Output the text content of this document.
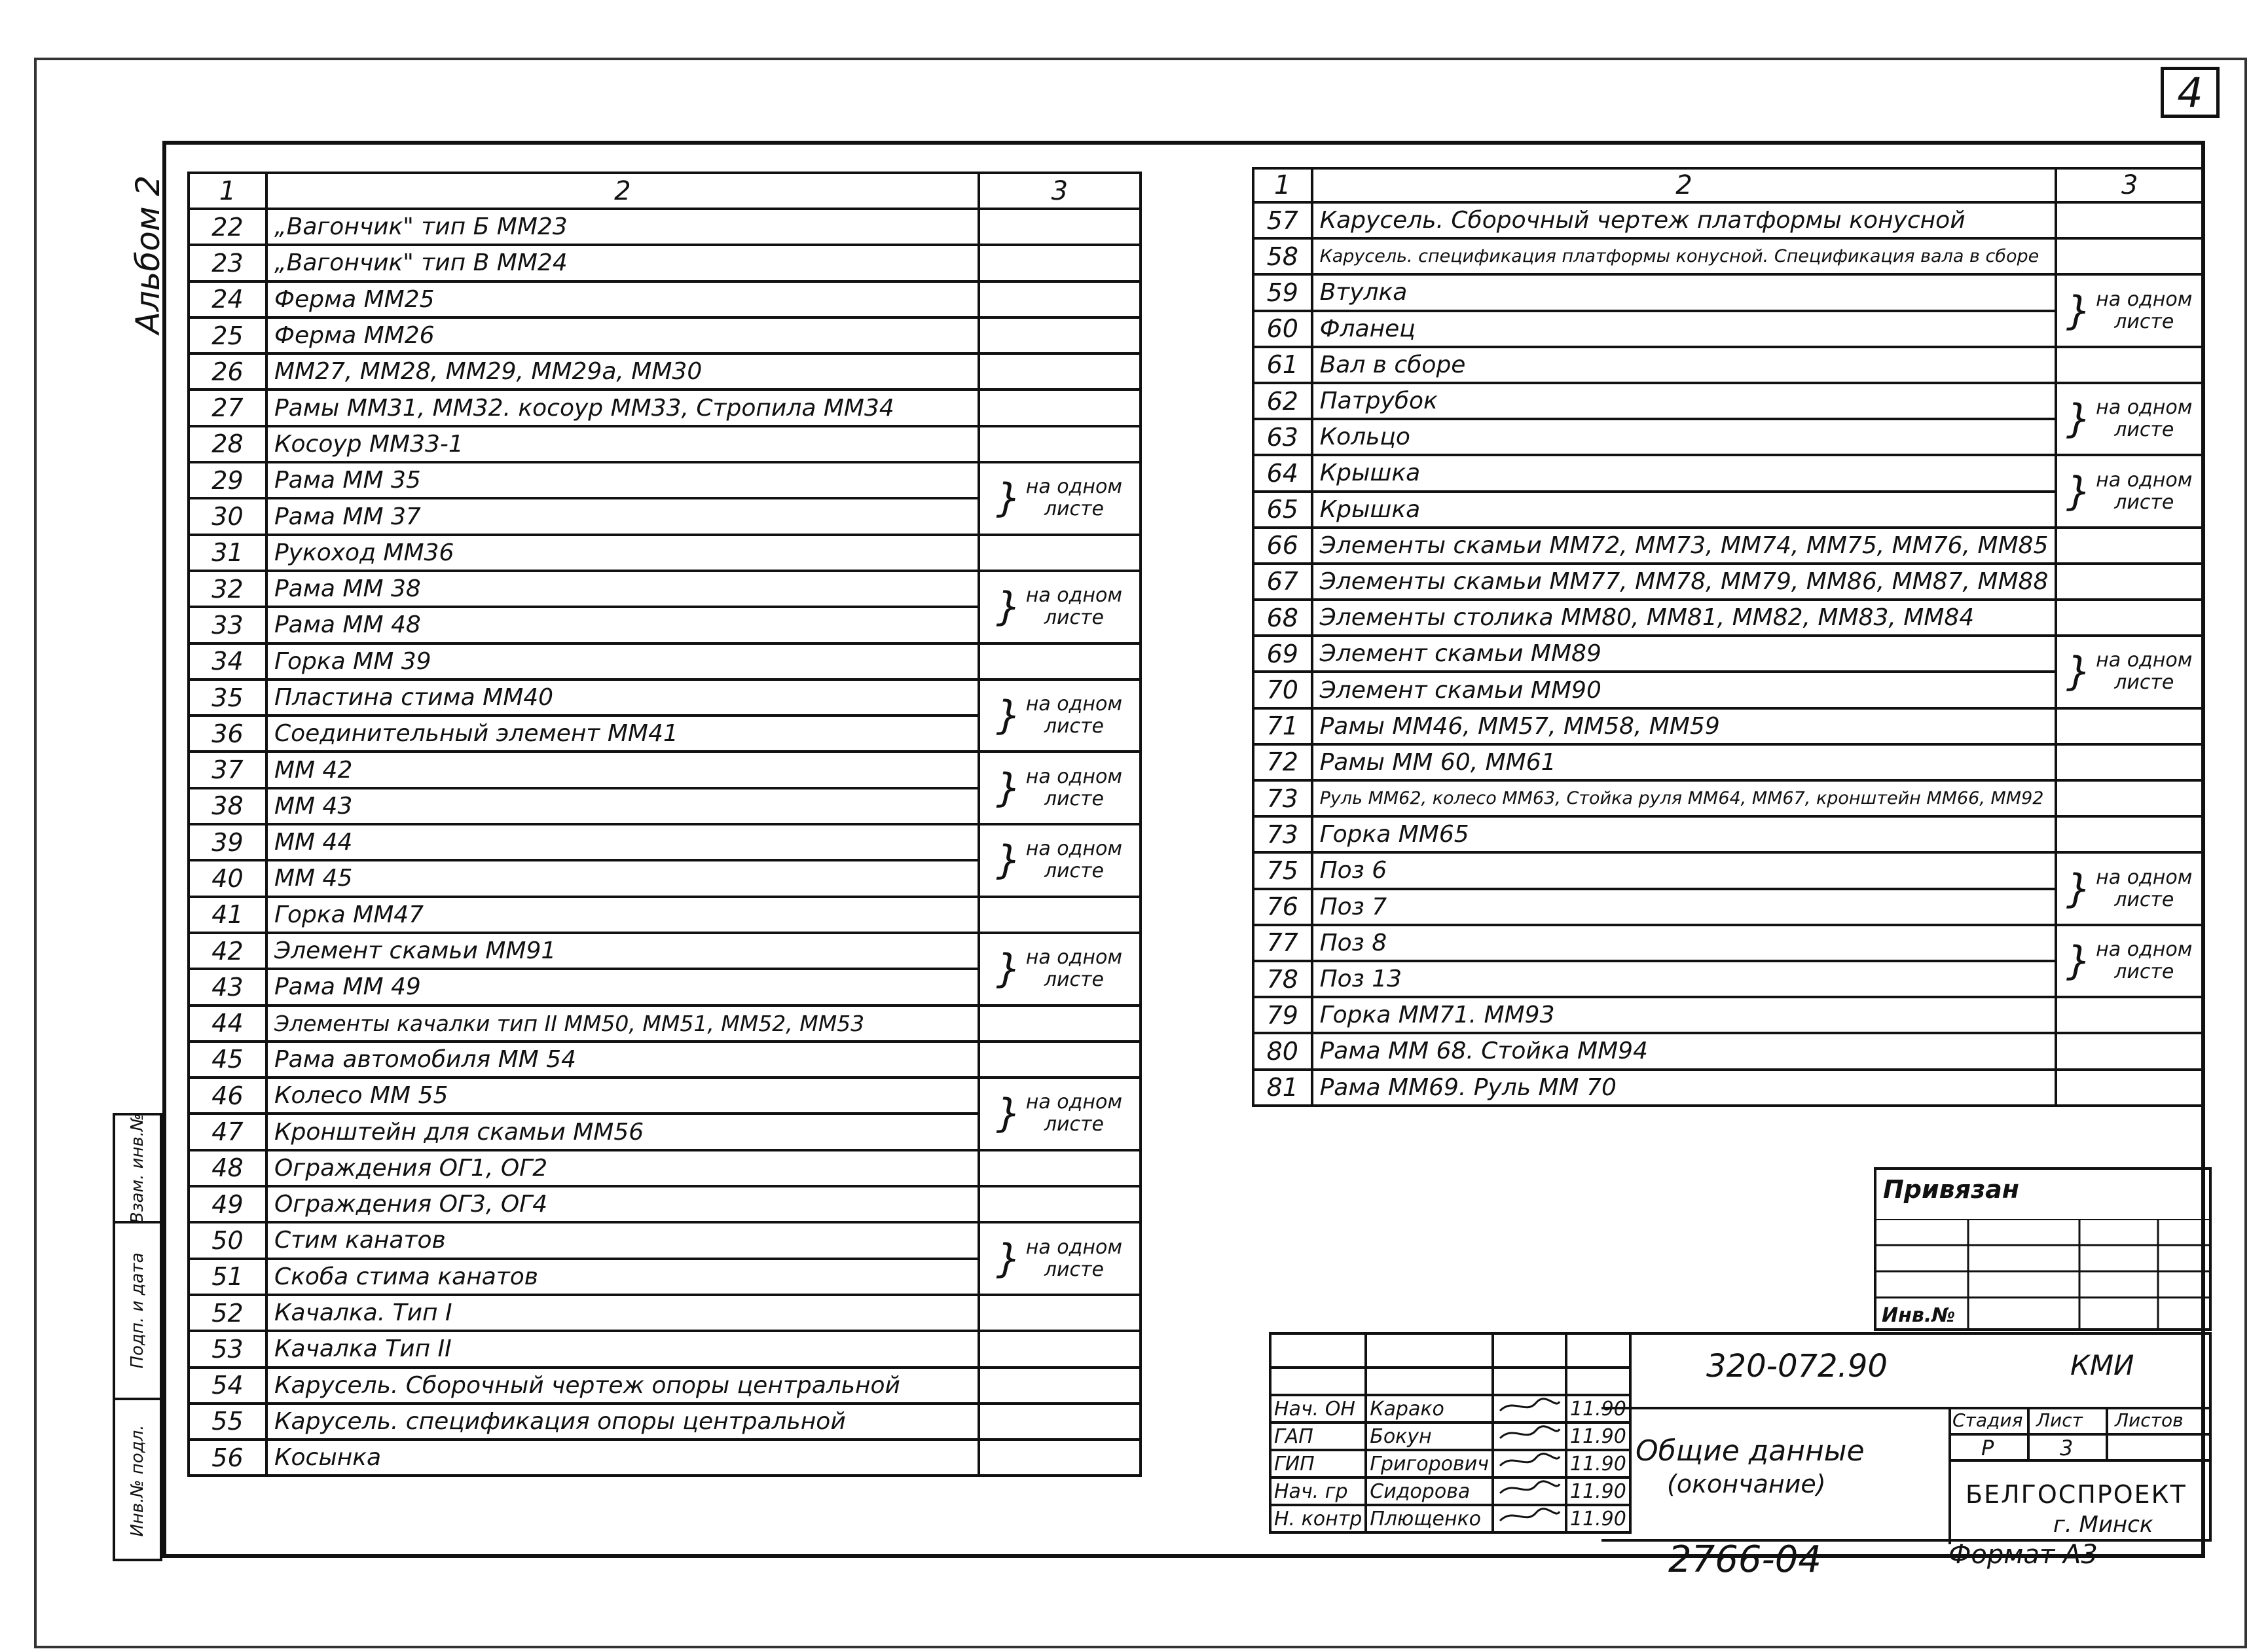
4
Альбом 2
Взам. инв.№
Подп. и дата
Инв.№ подл.
1	2	3
22	„Вагончик" тип Б ММ23	
23	„Вагончик" тип В ММ24	
24	Ферма ММ25	
25	Ферма ММ26	
26	ММ27, ММ28, ММ29, ММ29а, ММ30	
27	Рамы ММ31, ММ32. косоур ММ33, Стропила ММ34	
28	Косоур ММ33-1	
29	Рама ММ 35	} на одном листе
30	Рама ММ 37	
31	Рукоход ММ36	
32	Рама ММ 38	} на одном листе
33	Рама ММ 48	
34	Горка ММ 39	
35	Пластина стима ММ40	} на одном листе
36	Соединительный элемент ММ41	
37	ММ 42	} на одном листе
38	ММ 43	
39	ММ 44	} на одном листе
40	ММ 45	
41	Горка ММ47	
42	Элемент скамьи ММ91	} на одном листе
43	Рама ММ 49	
44	Элементы качалки тип II ММ50, ММ51, ММ52, ММ53	
45	Рама автомобиля ММ 54	
46	Колесо ММ 55	} на одном листе
47	Кронштейн для скамьи ММ56	
48	Ограждения ОГ1, ОГ2	
49	Ограждения ОГ3, ОГ4	
50	Стим канатов	} на одном листе
51	Скоба стима канатов	
52	Качалка. Тип I	
53	Качалка Тип II	
54	Карусель. Сборочный чертеж опоры центральной	
55	Карусель. спецификация опоры центральной	
56	Косынка	
1	2	3
57	Карусель. Сборочный чертеж платформы конусной	
58	Карусель. спецификация платформы конусной. Спецификация вала в сборе	
59	Втулка	} на одном листе
60	Фланец	
61	Вал в сборе	
62	Патрубок	} на одном листе
63	Кольцо	
64	Крышка	} на одном листе
65	Крышка	
66	Элементы скамьи ММ72, ММ73, ММ74, ММ75, ММ76, ММ85	
67	Элементы скамьи ММ77, ММ78, ММ79, ММ86, ММ87, ММ88	
68	Элементы столика ММ80, ММ81, ММ82, ММ83, ММ84	
69	Элемент скамьи ММ89	} на одном листе
70	Элемент скамьи ММ90	
71	Рамы ММ46, ММ57, ММ58, ММ59	
72	Рамы ММ 60, ММ61	
73	Руль ММ62, колесо ММ63, Стойка руля ММ64, ММ67, кронштейн ММ66, ММ92	
73	Горка ММ65	
75	Поз 6	} на одном листе
76	Поз 7	
77	Поз 8	} на одном листе
78	Поз 13	
79	Горка ММ71. ММ93	
80	Рама ММ 68. Стойка ММ94	
81	Рама ММ69. Руль ММ 70	
Привязан
Инв.№

Нач. ОН	Каракo		11.90
ГАП	Бокун		11.90
ГИП	Григорович		11.90
Нач. гр	Сидорова		11.90
Н. контр	Плющенко		11.90
320-072.90	КМИ
Общие данные
(окончание)
Стадия Лист Листов
Р	3
БЕЛГОСПРОЕКТ
г. Минск
2766-04	Формат А3
